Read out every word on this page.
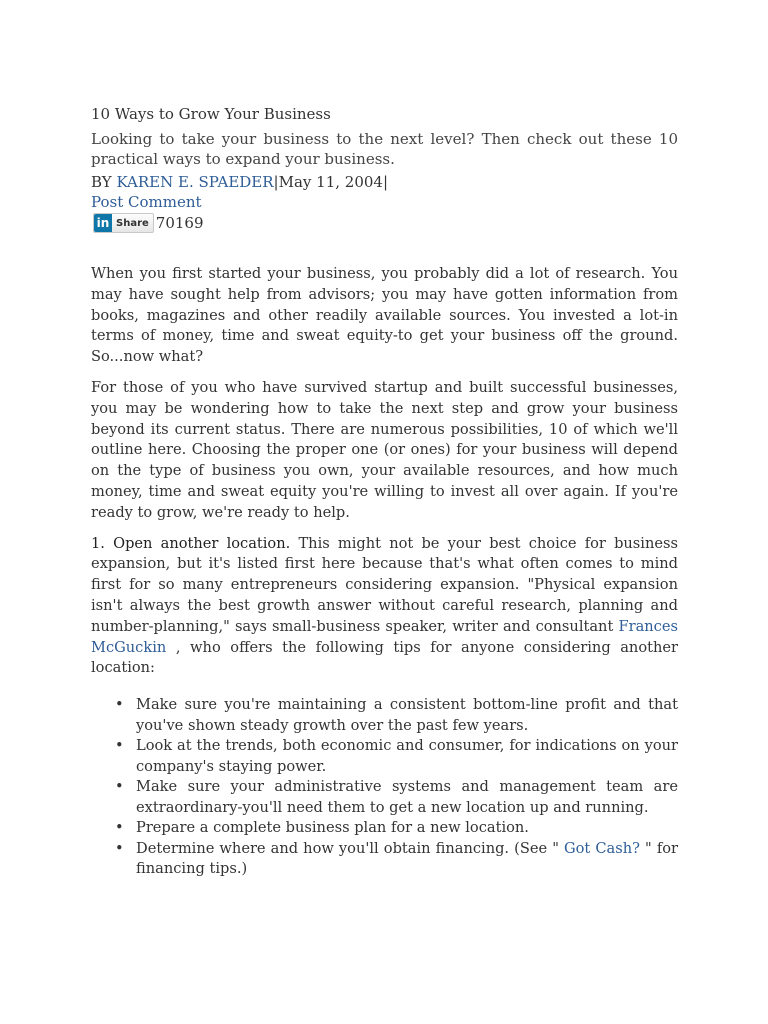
10 Ways to Grow Your Business

Looking to take your business to the next level? Then check out these 10 practical ways to expand your business.

BY KAREN E. SPAEDER|May 11, 2004|
Post Comment
in Share 70169

When you first started your business, you probably did a lot of research. You may have sought help from advisors; you may have gotten information from books, magazines and other readily available sources. You invested a lot-in terms of money, time and sweat equity-to get your business off the ground. So...now what?

For those of you who have survived startup and built successful businesses, you may be wondering how to take the next step and grow your business beyond its current status. There are numerous possibilities, 10 of which we'll outline here. Choosing the proper one (or ones) for your business will depend on the type of business you own, your available resources, and how much money, time and sweat equity you're willing to invest all over again. If you're ready to grow, we're ready to help.

1. Open another location. This might not be your best choice for business expansion, but it's listed first here because that's what often comes to mind first for so many entrepreneurs considering expansion. "Physical expansion isn't always the best growth answer without careful research, planning and number-planning," says small-business speaker, writer and consultant Frances McGuckin , who offers the following tips for anyone considering another location:

• Make sure you're maintaining a consistent bottom-line profit and that you've shown steady growth over the past few years.
• Look at the trends, both economic and consumer, for indications on your company's staying power.
• Make sure your administrative systems and management team are extraordinary-you'll need them to get a new location up and running.
• Prepare a complete business plan for a new location.
• Determine where and how you'll obtain financing. (See " Got Cash? " for financing tips.)
